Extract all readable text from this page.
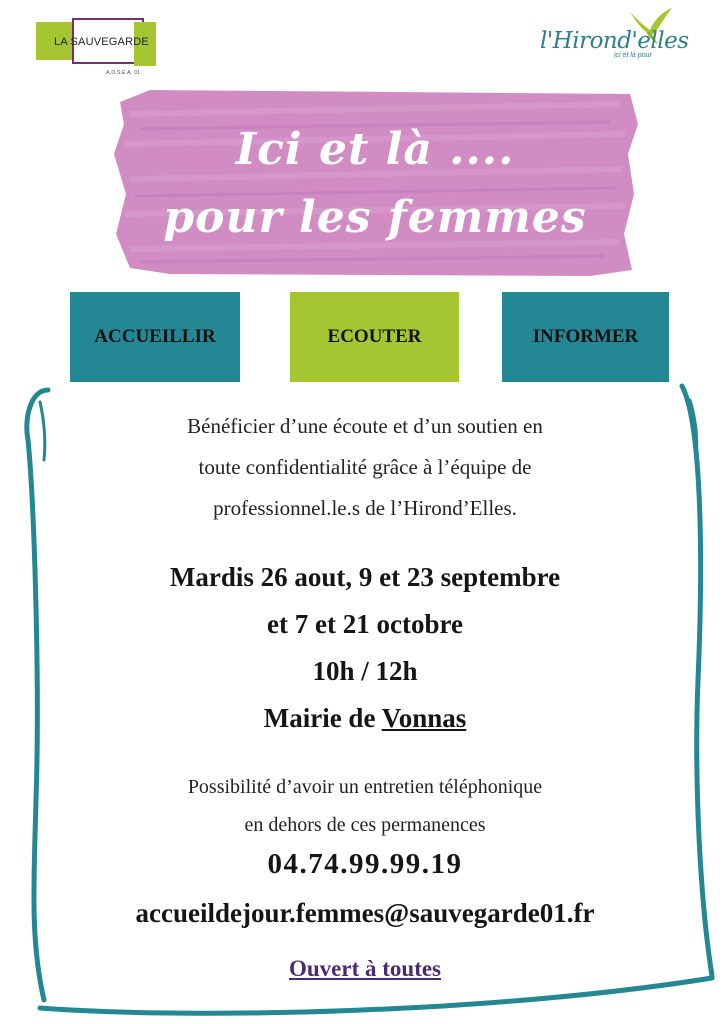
LA SAUVEGARDE
A.D.S.E.A. 01
l'Hirond'elles
ici et là pour
Ici et là ....
pour les femmes
ACCUEILLIR	ECOUTER	INFORMER
Bénéficier d’une écoute et d’un soutien en
toute confidentialité grâce à l’équipe de
professionnel.le.s de l’Hirond’Elles.
Mardis 26 aout, 9 et 23 septembre
et 7 et 21 octobre
10h / 12h
Mairie de Vonnas
Possibilité d’avoir un entretien téléphonique
en dehors de ces permanences
04.74.99.99.19
accueildejour.femmes@sauvegarde01.fr
Ouvert à toutes
